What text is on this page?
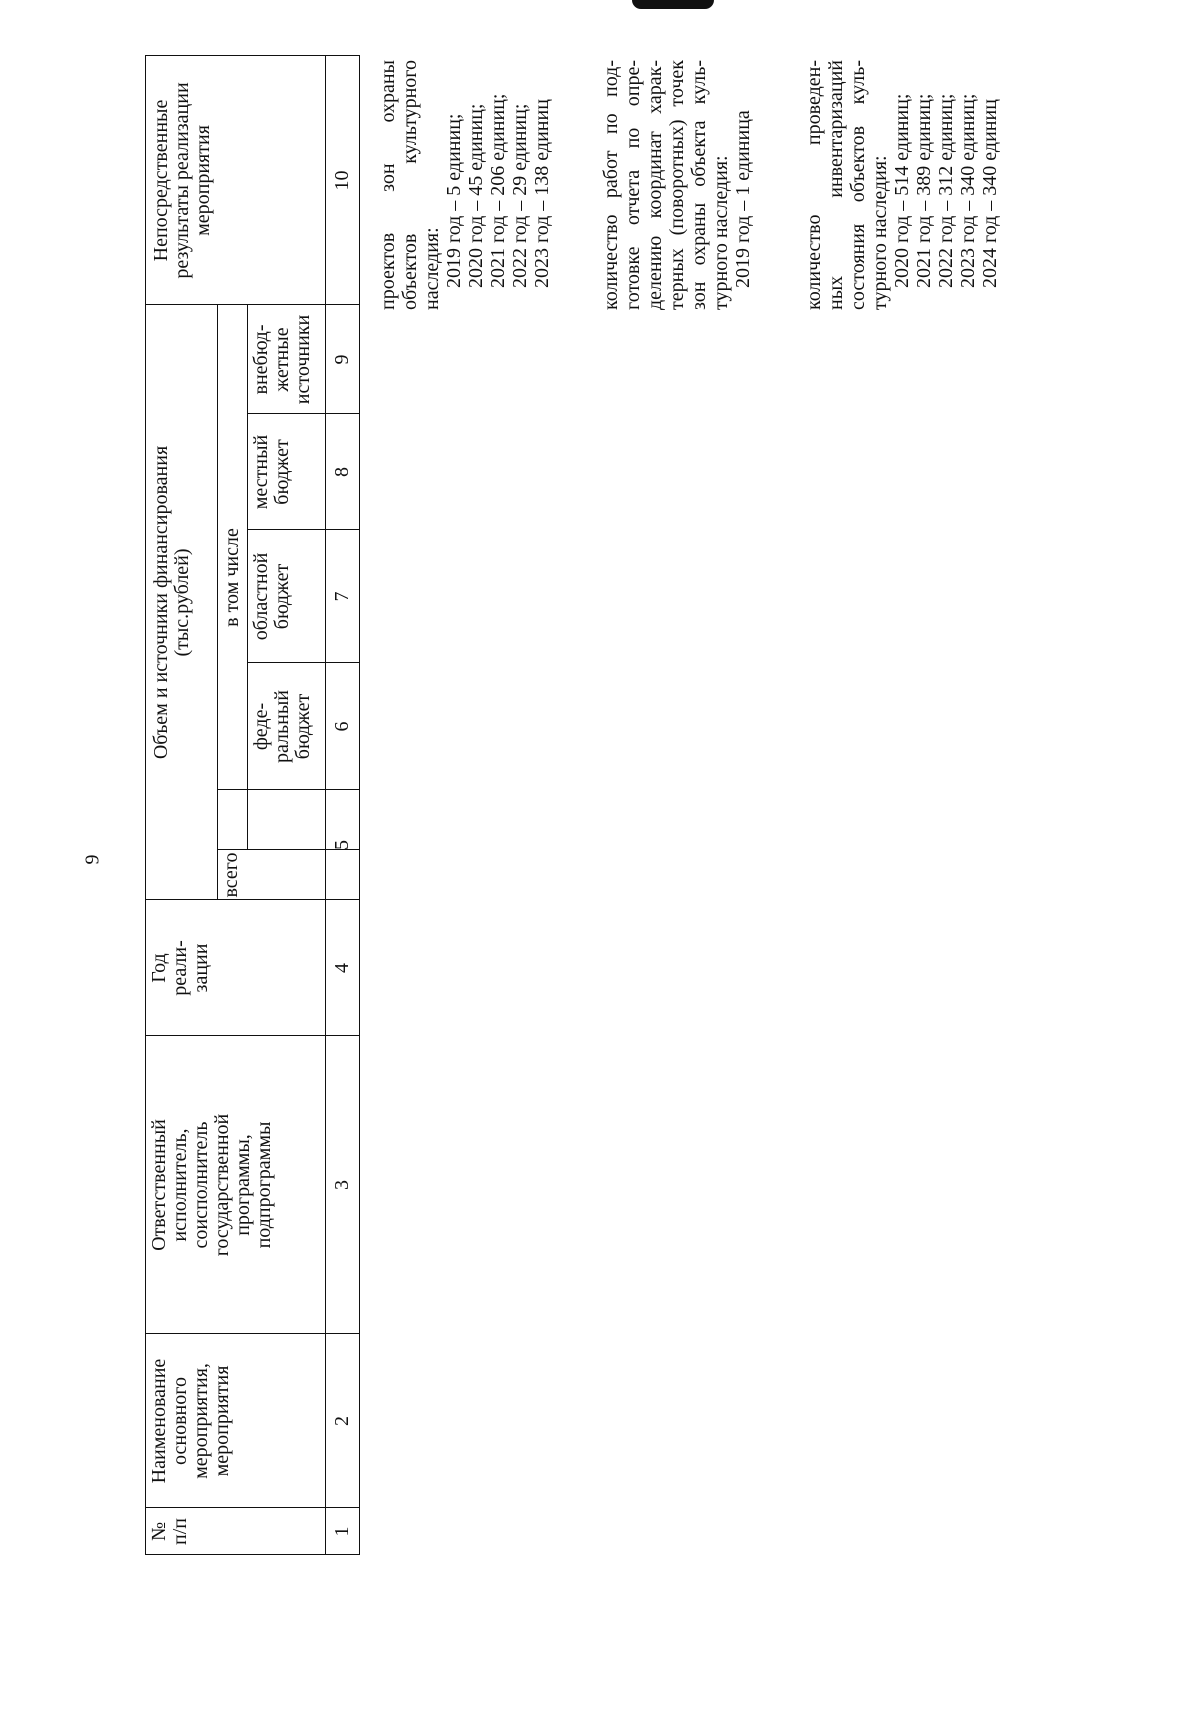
9
№ п/п
Наименование основного мероприятия, мероприятия
Ответственный исполнитель, соисполнитель государственной программы, подпрограммы
Год реали- зации
Объем и источники финансирования (тыс.рублей)
всего
в том числе
феде- ральный бюджет
областной бюджет
местный бюджет
внебюд- жетные источники
Непосредственные результаты реализации мероприятия
1
2
3
4
5
6
7
8
9
10 проектов зон охраны объектов культурного наследия: 2019 год – 5 единиц; 2020 год – 45 единиц; 2021 год – 206 единиц; 2022 год – 29 единиц; 2023 год – 138 единиц количество работ по под- готовке отчета по опре- делению координат харак- терных (поворотных) точек зон охраны объекта куль- турного наследия: 2019 год – 1 единица количество проведен- ных инвентаризаций состояния объектов куль- турного наследия: 2020 год – 514 единиц; 2021 год – 389 единиц; 2022 год – 312 единиц; 2023 год – 340 единиц; 2024 год – 340 единиц
